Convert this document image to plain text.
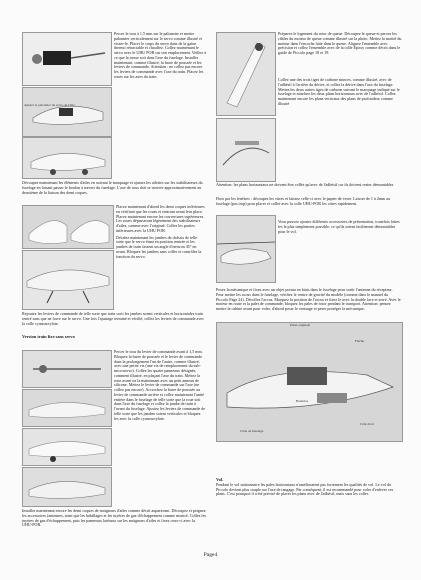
Ajuster le palonnier du servo de l'aile

Percer le trou à 1,5 mm sur le palonnier et mettre palonnier verticalement sur le servo comme illustré et visser-le. Placer le corps du servo dans de la gaine thermo rétractable et chauffez. Collez maintenant le servo avec le UHU POR sur son emplacement. Veillez à ce que la tresse soit dans l'axe du fuselage. Installer maintenant, comme illustré, la barre de poussée et les leviers de commande. Attention : ne collez pas encore les leviers de commande avec l'axe du train. Placez les roues sur les axes du train.

Découpez maintenant les éléments d'ailes en suivant le marquage et ajustez les ailettes sur les stabilisateurs du fuselage en faisant passer le boulon à travers du fuselage. L'axe de rous doit se trouver approximativement au deuxième de la liaison des demi coques.

Placez maintenant d'abord les demi coques inférieures en vérifiant que les roues et rentrant avant leur place. Placez maintenant encore les couvertures supérieures. Les roues dépasseront légèrement des stabilisateurs d'ailes, comme avec l'original. Collez les parties inférieures avec la UHU POR.

Décalez maintenant les jambes de châssis de telle sorte que le servo étant en position rentrée et les jambes de train fassent un angle d'environ 45° en avant. Bloquez les jambes sans coller et contrôlez la fonction du servo.

Rejoutez les leviers de commande de telle sorte que train sorti les jambes soient verticales et horizontales train rentré sans que ne force sur le servo. Une fois l'ajustage terminé et vérifié, collez les leviers de commande avec la colle cyanoacrylate.

Version train fixe sans servo

Percer le trou du levier de commande avant à 1,5 mm. Bloquez la barre de poussée et le levier de commande dans la prolongement l'un de l'autre, comme illustré, avec une petite vis (une vis de remplacement du sub-microservo). Collez les quatre panneaux désignés, comment illustré, en plaçant l'axe du train. Mettez la roue avant ou la maintenant avec un petit anneau de silicone. Mettez le levier de commande sur l'axe (ne collez pas encore). Accrochez la barre de poussée au levier de commande arrière et collez maintenant l'unité entière dans le fuselage de telle sorte que la roue soit dans l'axe du fuselage et collez la jambe de train à l'avant du fuselage. Ajustez les leviers de commande de telle sorte que les jambes soient verticales et bloquez les avec la colle cyanoacrylate.

Installer maintenant encore les demi coques de moignons d'ailes comme décrit auparavant. Découpez et peignez les accessoires (antennes, ainsi que les habillages et les tuyères de gaz d'échappement comme montré. Collez les tuyères de gaz d'échappement, puis les panneaux latéraux sur les moignons d'ailes et fixez ceux-ci avec la UHU-POR.

Préparez le logement du rotor de queue. Découpez le queue et percez les câbles du moteur de queue comme illustré sur la photo. Mettez la moitié du moteur dans l'encoche faite dans le queue. Alignez l'ensemble avec précision et collez l'ensemble avec de la colle Epoxy comme décrit dans le guide de Piccolo page 18 et 19.

Collez une des trois tiges de carbone minces, comme illustré, avec de l'adhésif à l'arrière du dérive, et collez la dérive dans l'axe du fuselage. Mettez les deux autres tiges de carbone suivant le marquage indiqué sur le fuselage et attachez les deux plans horizontaux avec de l'adhésif. Collez maintenant encore les plans verticaux des plans de profondeur comme illustré

Attention: les plans horizontaux ne doivent être collés qu'avec de l'adhésif car ils doivent rester démontables

Finir par les fenêtres : découpez les vitres et laissez celle-ci avec le papier de verre. Laisser de 1 à 2mm au fuselage (pas trop) pour placer et coller avec la colle UHU-POR les vitres rapidement.

Vous pouvez ajouter différents accessoires de présentation, toutefois faites les le plus simplement possible, ce qu'ils soient facilement démontables pour le vol.

Posez la mécanique et fixez avec un objet pointu en biais dans le fuselage pour sortir l'antenne du récepteur. Pour mettre les accus dans le fuselage, vérifiez le centre de gravité du modèle (comme dans le manuel du Piccolo Page 24). Décollez l'accus. Marquez la position de l'accus et fixez le avec la double face et serré. Avec le moteur en route et la palet de commande, bloquez les pales de rotor pendant le transport. Attention: pensez mettre la cabine avant pour voler, d'abord poser le centrage et peser protéger la mécanique.

Plexi-originale
Flèche
Batteries
Côté droit
Cône de fuselage

Vol.

Pendant le vol stationnaire les pales horizontaux n'amélioraient pas fortement les qualités de vol. Le vol du Piccolo devient plus souple sur l'axe de tangage. Par conséquent, il est recommandé pour voler d'enlever ces plans. C'est pourquoi il a été précisé de placer les plans avec de l'adhésif, mais sans les coller.

Page4
